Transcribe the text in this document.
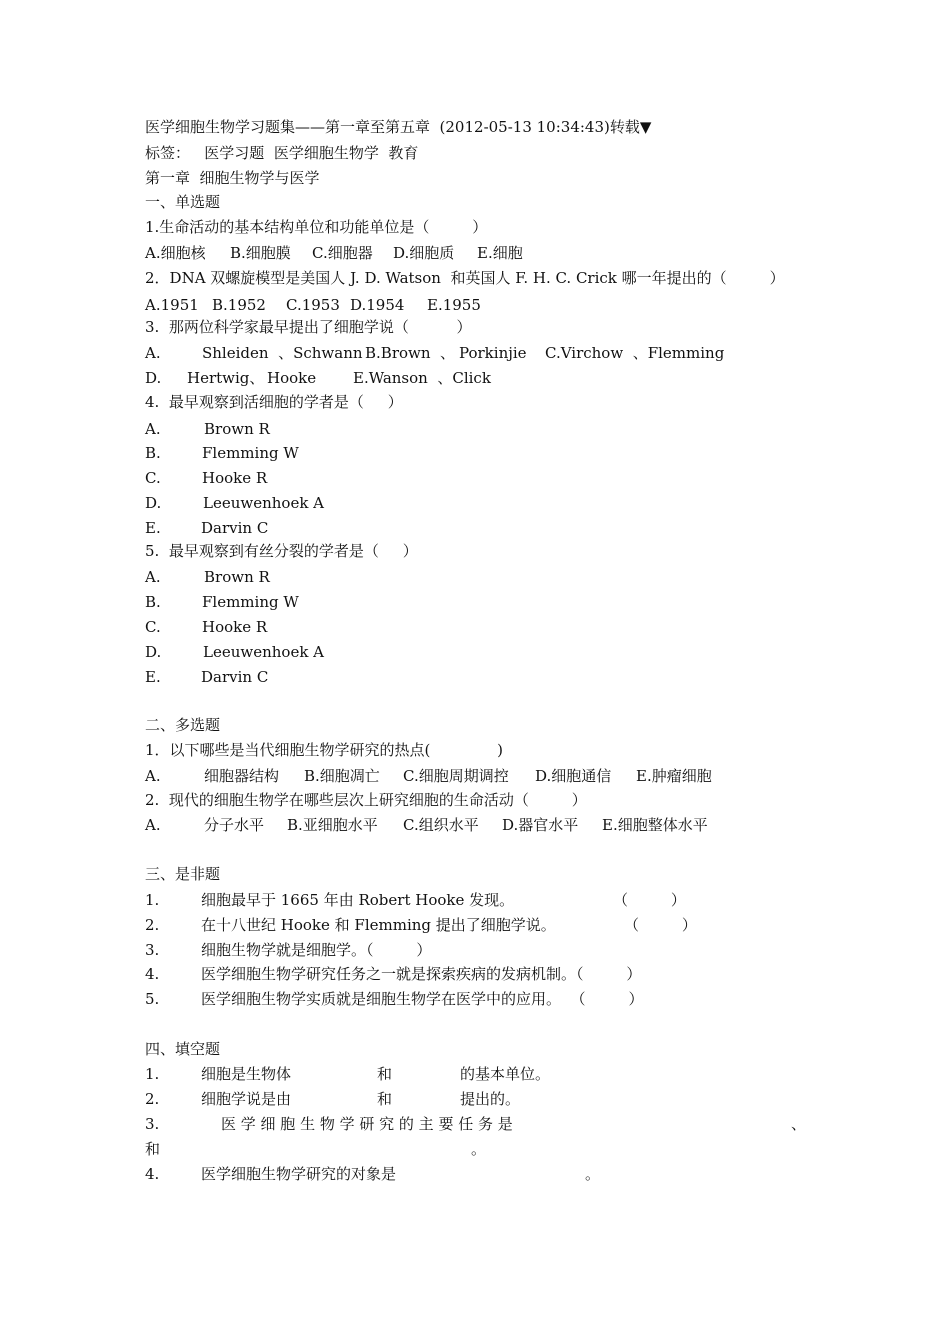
医学细胞生物学习题集——第一章至第五章  (2012-05-13 10:34:43)转载▼
标签：   医学习题  医学细胞生物学  教育
第一章  细胞生物学与医学
一、单选题
1.生命活动的基本结构单位和功能单位是（         ）
A.细胞核 B.细胞膜 C.细胞器 D.细胞质 E.细胞
2．DNA 双螺旋模型是美国人 J. D. Watson  和英国人 F. H. C. Crick 哪一年提出的（         ）
A.1951 B.1952 C.1953 D.1954 E.1955
3.  那两位科学家最早提出了细胞学说（          ）
A.	Shleiden  、Schwann B.Brown  、 Porkinjie C.Virchow  、Flemming
D. Hertwig、 Hooke E.Wanson  、Click
4.  最早观察到活细胞的学者是（     ）
A.	Brown R
B.	Flemming W
C.	Hooke R
D.	Leeuwenhoek A
E.	Darvin C
5.  最早观察到有丝分裂的学者是（     ）
A.	Brown R
B.	Flemming W
C.	Hooke R
D.	Leeuwenhoek A
E.	Darvin C
二、多选题
1．以下哪些是当代细胞生物学研究的热点(              )
A.	细胞器结构 B.细胞凋亡 C.细胞周期调控 D.细胞通信 E.肿瘤细胞
2.  现代的细胞生物学在哪些层次上研究细胞的生命活动（         ）
A.	分子水平 B.亚细胞水平 C.组织水平 D.器官水平 E.细胞整体水平
三、是非题
1.	细胞最早于 1665 年由 Robert Hooke 发现。	（         ）
2.	在十八世纪 Hooke 和 Flemming 提出了细胞学说。	（         ）
3.	细胞生物学就是细胞学。（         ）
4.	医学细胞生物学研究任务之一就是探索疾病的发病机制。（         ）
5.	医学细胞生物学实质就是细胞生物学在医学中的应用。  （         ）
四、填空题
1.	细胞是生物体	和	的基本单位。
2.	细胞学说是由	和	提出的。
3.	医 学 细 胞 生 物 学 研 究 的 主 要 任 务 是	、
和	。
4.	医学细胞生物学研究的对象是	。
